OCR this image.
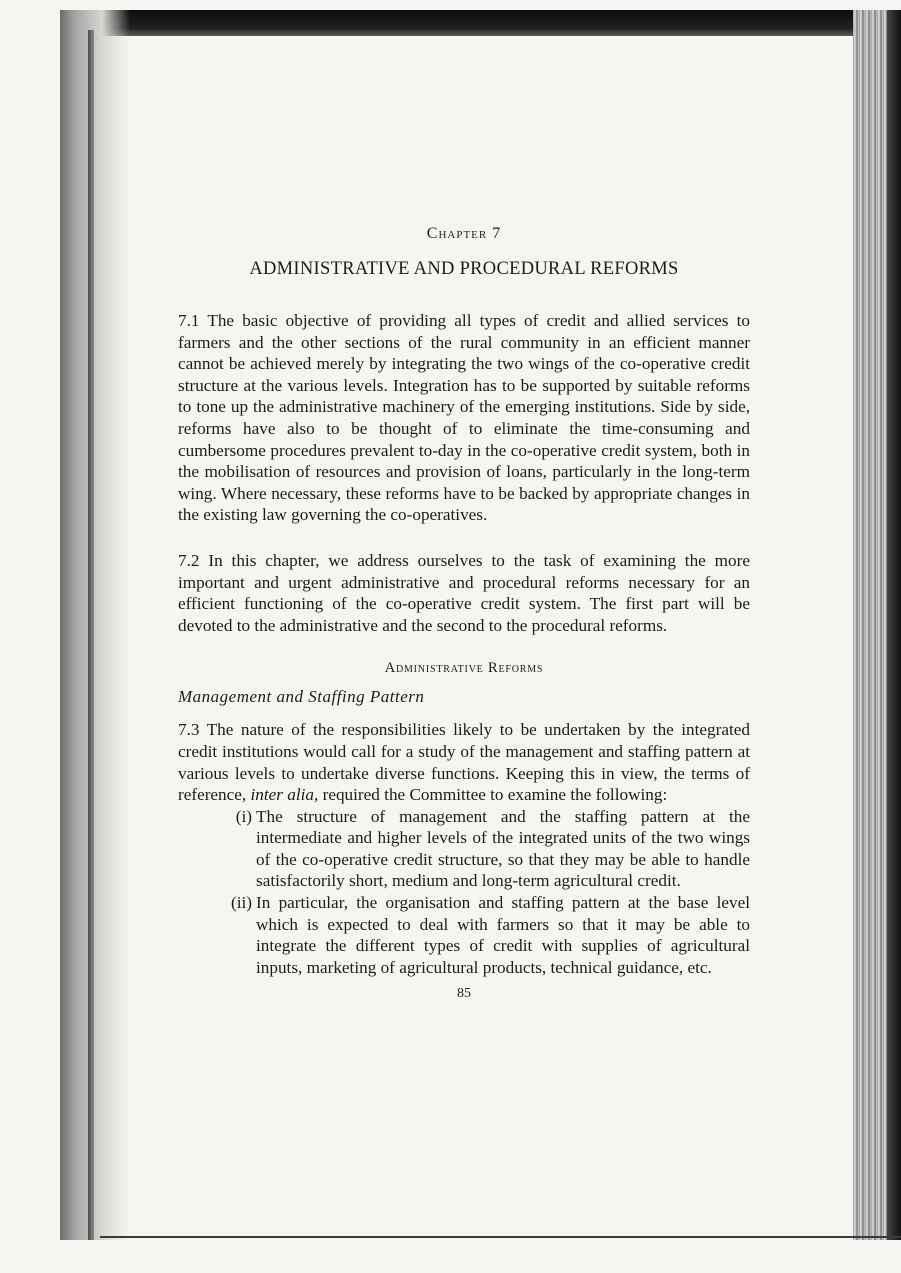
Chapter 7
ADMINISTRATIVE AND PROCEDURAL REFORMS

7.1 The basic objective of providing all types of credit and allied services to farmers and the other sections of the rural community in an efficient manner cannot be achieved merely by integrating the two wings of the co-operative credit structure at the various levels. Integration has to be supported by suitable reforms to tone up the administrative machinery of the emerging institutions. Side by side, reforms have also to be thought of to eliminate the time-consuming and cumbersome procedures prevalent to-day in the co-operative credit system, both in the mobilisation of resources and provision of loans, particularly in the long-term wing. Where necessary, these reforms have to be backed by appropriate changes in the existing law governing the co-operatives.

7.2 In this chapter, we address ourselves to the task of examining the more important and urgent administrative and procedural reforms necessary for an efficient functioning of the co-operative credit system. The first part will be devoted to the administrative and the second to the procedural reforms.

Administrative Reforms
Management and Staffing Pattern

7.3 The nature of the responsibilities likely to be undertaken by the integrated credit institutions would call for a study of the management and staffing pattern at various levels to undertake diverse functions. Keeping this in view, the terms of reference, inter alia, required the Committee to examine the following:

(i) The structure of management and the staffing pattern at the intermediate and higher levels of the integrated units of the two wings of the co-operative credit structure, so that they may be able to handle satisfactorily short, medium and long-term agricultural credit.
(ii) In particular, the organisation and staffing pattern at the base level which is expected to deal with farmers so that it may be able to integrate the different types of credit with supplies of agricultural inputs, marketing of agricultural products, technical guidance, etc.
85
